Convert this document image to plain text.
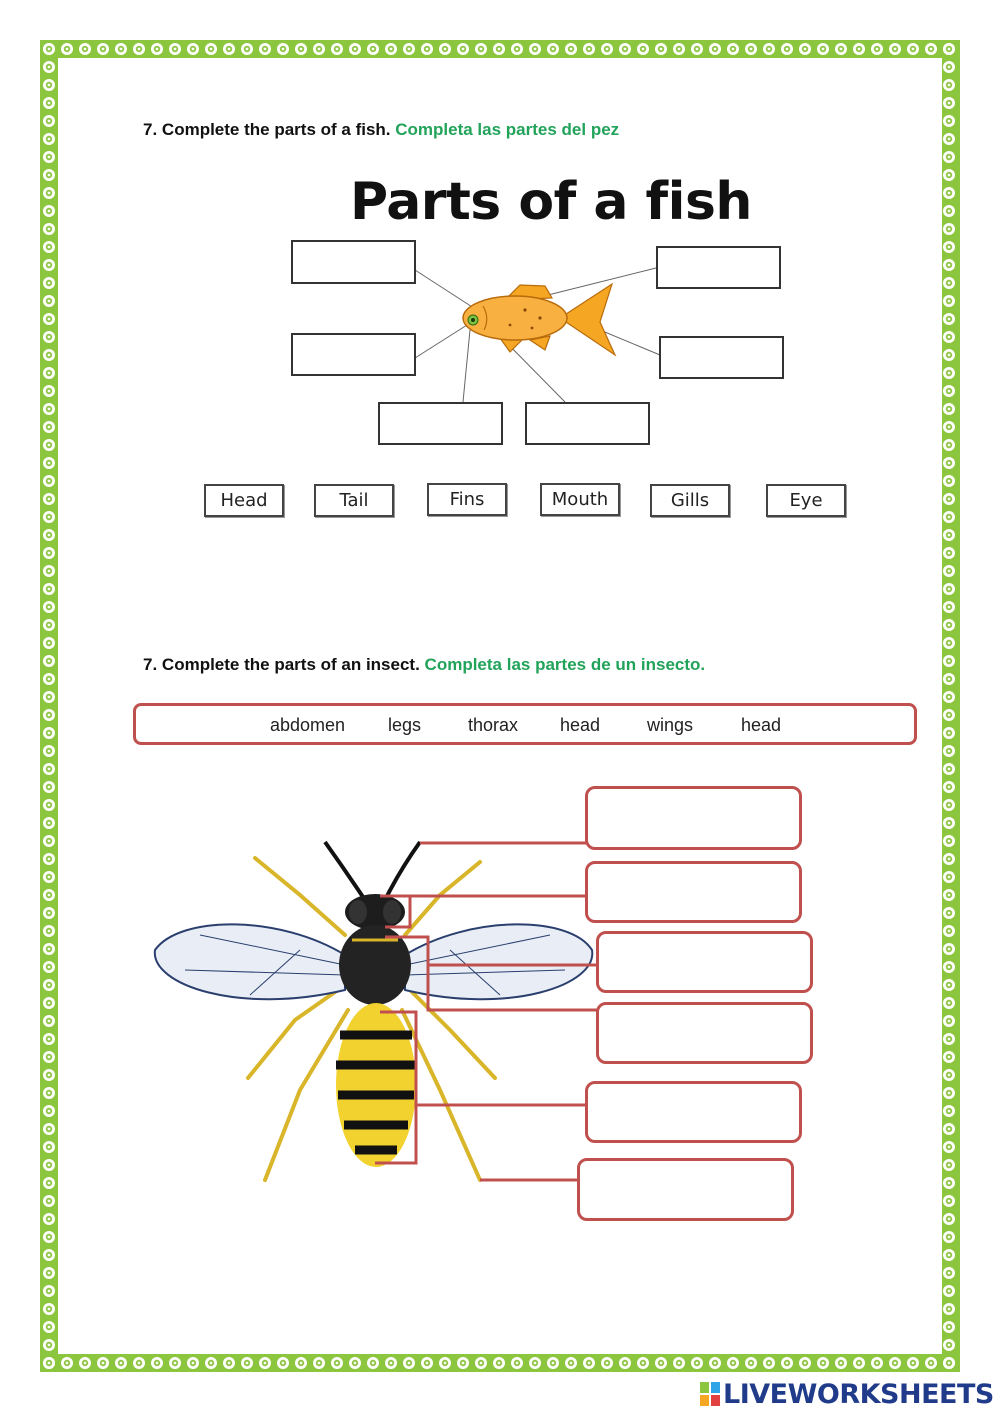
7. Complete the parts of a fish. Completa las partes del pez
Parts of a fish
Head	Tail	Fins	Mouth	Gills	Eye
7. Complete the parts of an insect. Completa las partes de un insecto.
abdomen legs	thorax head	wings	head
LIVEWORKSHEETS
